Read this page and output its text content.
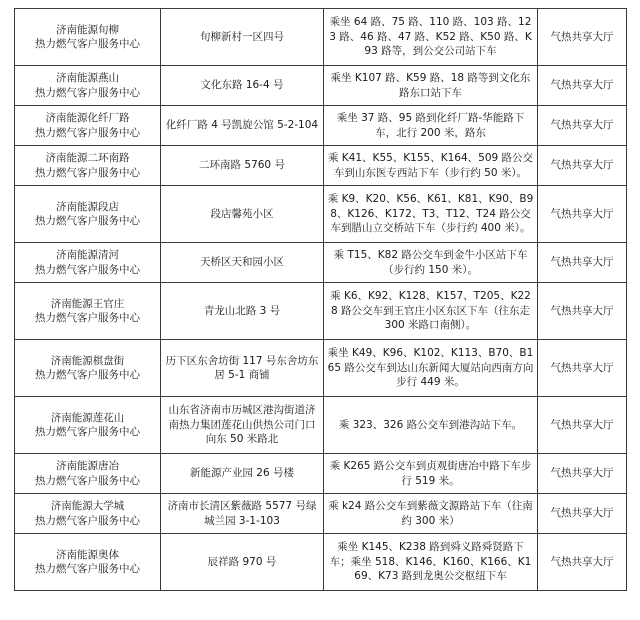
济南能源旬柳
热力燃气客户服务中心	旬柳新村一区四号	乘坐 64 路、75 路、110 路、103 路、123 路、46 路、47 路、K52 路、K50 路、K93 路等，到公交公司站下车	气热共享大厅

济南能源燕山
热力燃气客户服务中心	文化东路 16-4 号	乘坐 K107 路、K59 路、18 路等到文化东路东口站下车	气热共享大厅

济南能源化纤厂路
热力燃气客户服务中心	化纤厂路 4 号凯旋公馆 5-2-104	乘坐 37 路、95 路到化纤厂路-华能路下车，北行 200 米，路东	气热共享大厅

济南能源二环南路
热力燃气客户服务中心	二环南路 5760 号	乘 K41、K55、K155、K164、509 路公交车到山东医专西站下车（步行约 50 米）。	气热共享大厅

济南能源段店
热力燃气客户服务中心	段店馨苑小区	乘 K9、K20、K56、K61、K81、K90、B98、K126、K172、T3、T12、T24 路公交车到腊山立交桥站下车（步行约 400 米）。	气热共享大厅

济南能源清河
热力燃气客户服务中心	天桥区天和园小区	乘 T15、K82 路公交车到金牛小区站下车（步行约 150 米）。	气热共享大厅

济南能源王官庄
热力燃气客户服务中心	青龙山北路 3 号	乘 K6、K92、K128、K157、T205、K228 路公交车到王官庄小区东区下车（往东走 300 米路口南侧）。	气热共享大厅

济南能源棋盘街
热力燃气客户服务中心	历下区东舍坊街 117 号东舍坊东居 5-1 商铺	乘坐 K49、K96、K102、K113、B70、B165 路公交车到达山东新闻大厦站向西南方向步行 449 米。	气热共享大厅

济南能源莲花山
热力燃气客户服务中心	山东省济南市历城区港沟街道济南热力集团莲花山供热公司门口向东 50 米路北	乘 323、326 路公交车到港沟站下车。	气热共享大厅

济南能源唐冶
热力燃气客户服务中心	新能源产业园 26 号楼	乘 K265 路公交车到贞观街唐冶中路下车步行 519 米。	气热共享大厅

济南能源大学城
热力燃气客户服务中心	济南市长清区紫薇路 5577 号绿城兰园 3-1-103	乘 k24 路公交车到紫薇文源路站下车（往南约 300 米）	气热共享大厅

济南能源奥体
热力燃气客户服务中心	辰祥路 970 号	乘坐 K145、K238 路到舜义路舜贤路下车；乘坐 518、K146、K160、K166、K169、K73 路到龙奥公交枢纽下车	气热共享大厅
